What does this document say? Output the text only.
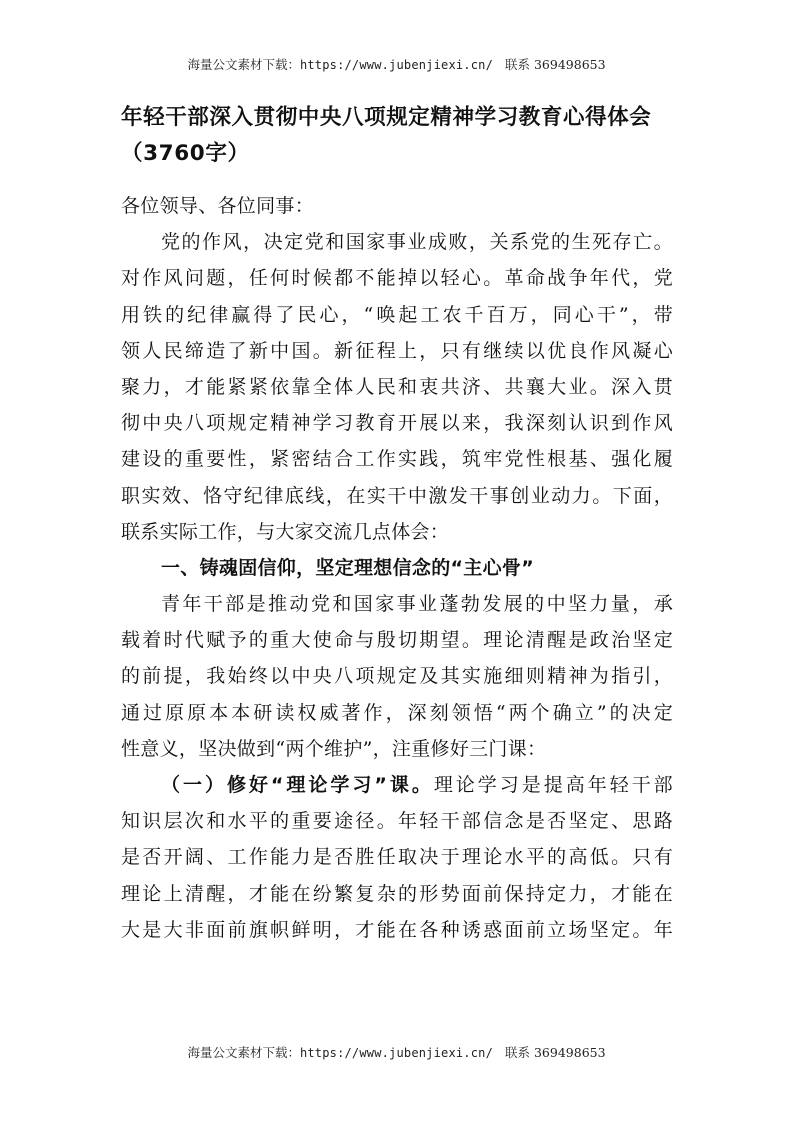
海量公文素材下载：https://www.jubenjiexi.cn/ 联系 369498653
年轻干部深入贯彻中央八项规定精神学习教育心得体会
（3760字）
各位领导、各位同事：
党的作风，决定党和国家事业成败，关系党的生死存亡。
对作风问题，任何时候都不能掉以轻心。革命战争年代，党
用铁的纪律赢得了民心，“唤起工农千百万，同心干”，带
领人民缔造了新中国。新征程上，只有继续以优良作风凝心
聚力，才能紧紧依靠全体人民和衷共济、共襄大业。深入贯
彻中央八项规定精神学习教育开展以来，我深刻认识到作风
建设的重要性，紧密结合工作实践，筑牢党性根基、强化履
职实效、恪守纪律底线，在实干中激发干事创业动力。下面，
联系实际工作，与大家交流几点体会：
一、铸魂固信仰，坚定理想信念的“主心骨”
青年干部是推动党和国家事业蓬勃发展的中坚力量，承
载着时代赋予的重大使命与殷切期望。理论清醒是政治坚定
的前提，我始终以中央八项规定及其实施细则精神为指引，
通过原原本本研读权威著作，深刻领悟“两个确立”的决定
性意义，坚决做到“两个维护”，注重修好三门课：
（一）修好“理论学习”课。理论学习是提高年轻干部
知识层次和水平的重要途径。年轻干部信念是否坚定、思路
是否开阔、工作能力是否胜任取决于理论水平的高低。只有
理论上清醒，才能在纷繁复杂的形势面前保持定力，才能在
大是大非面前旗帜鲜明，才能在各种诱惑面前立场坚定。年
海量公文素材下载：https://www.jubenjiexi.cn/ 联系 369498653
